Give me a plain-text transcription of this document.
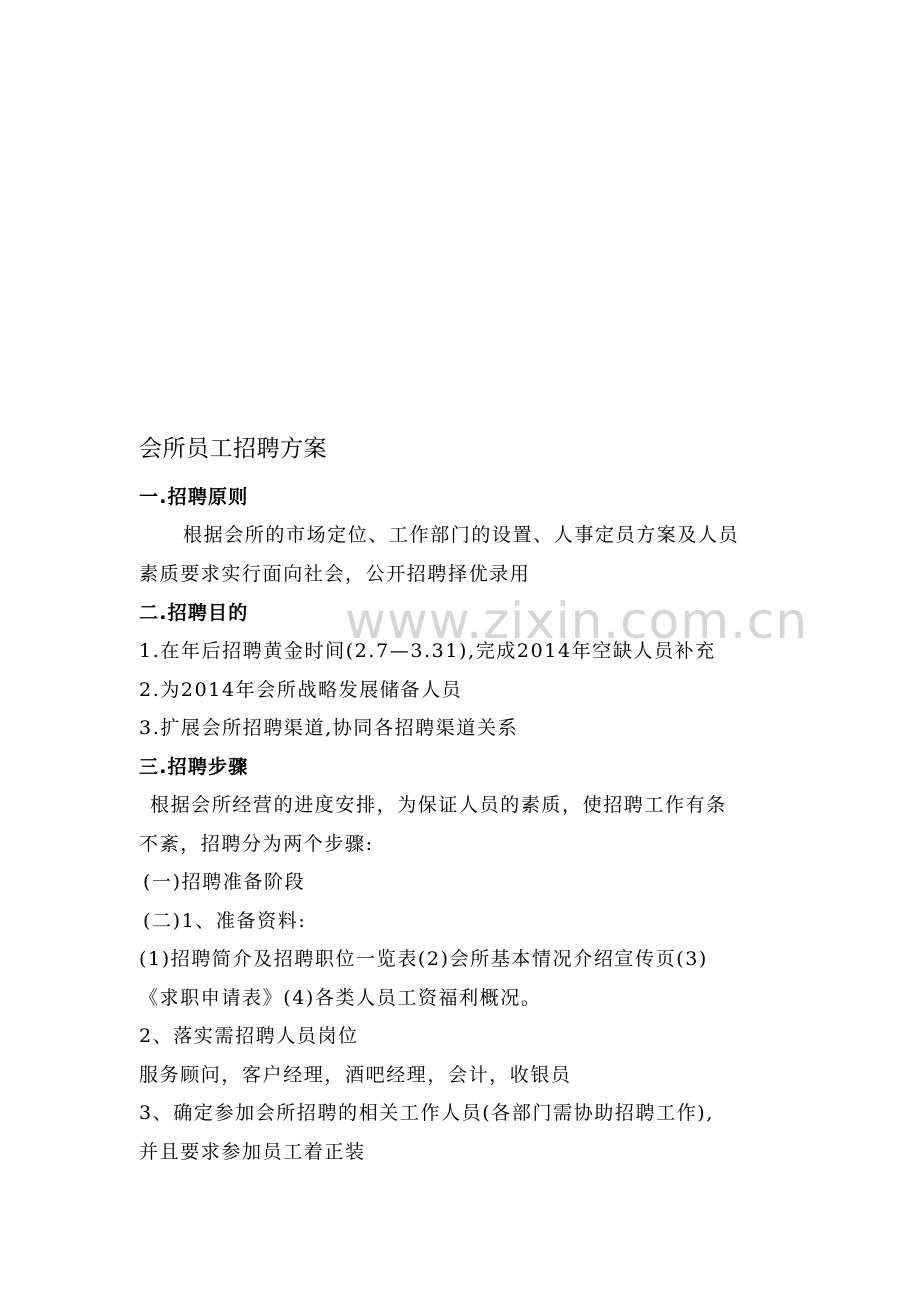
www.zixin.com.cn
会所员工招聘方案
一.招聘原则
根据会所的市场定位、工作部门的设置、人事定员方案及人员
素质要求实行面向社会，公开招聘择优录用
二.招聘目的
1.在年后招聘黄金时间(2.7—3.31),完成2014年空缺人员补充
2.为2014年会所战略发展储备人员
3.扩展会所招聘渠道,协同各招聘渠道关系
三.招聘步骤
根据会所经营的进度安排，为保证人员的素质，使招聘工作有条
不紊，招聘分为两个步骤:
(一)招聘准备阶段
(二)1、准备资料:
(1)招聘简介及招聘职位一览表(2)会所基本情况介绍宣传页(3)
《求职申请表》(4)各类人员工资福利概况。
2、落实需招聘人员岗位
服务顾问，客户经理，酒吧经理，会计，收银员
3、确定参加会所招聘的相关工作人员(各部门需协助招聘工作),
并且要求参加员工着正装
